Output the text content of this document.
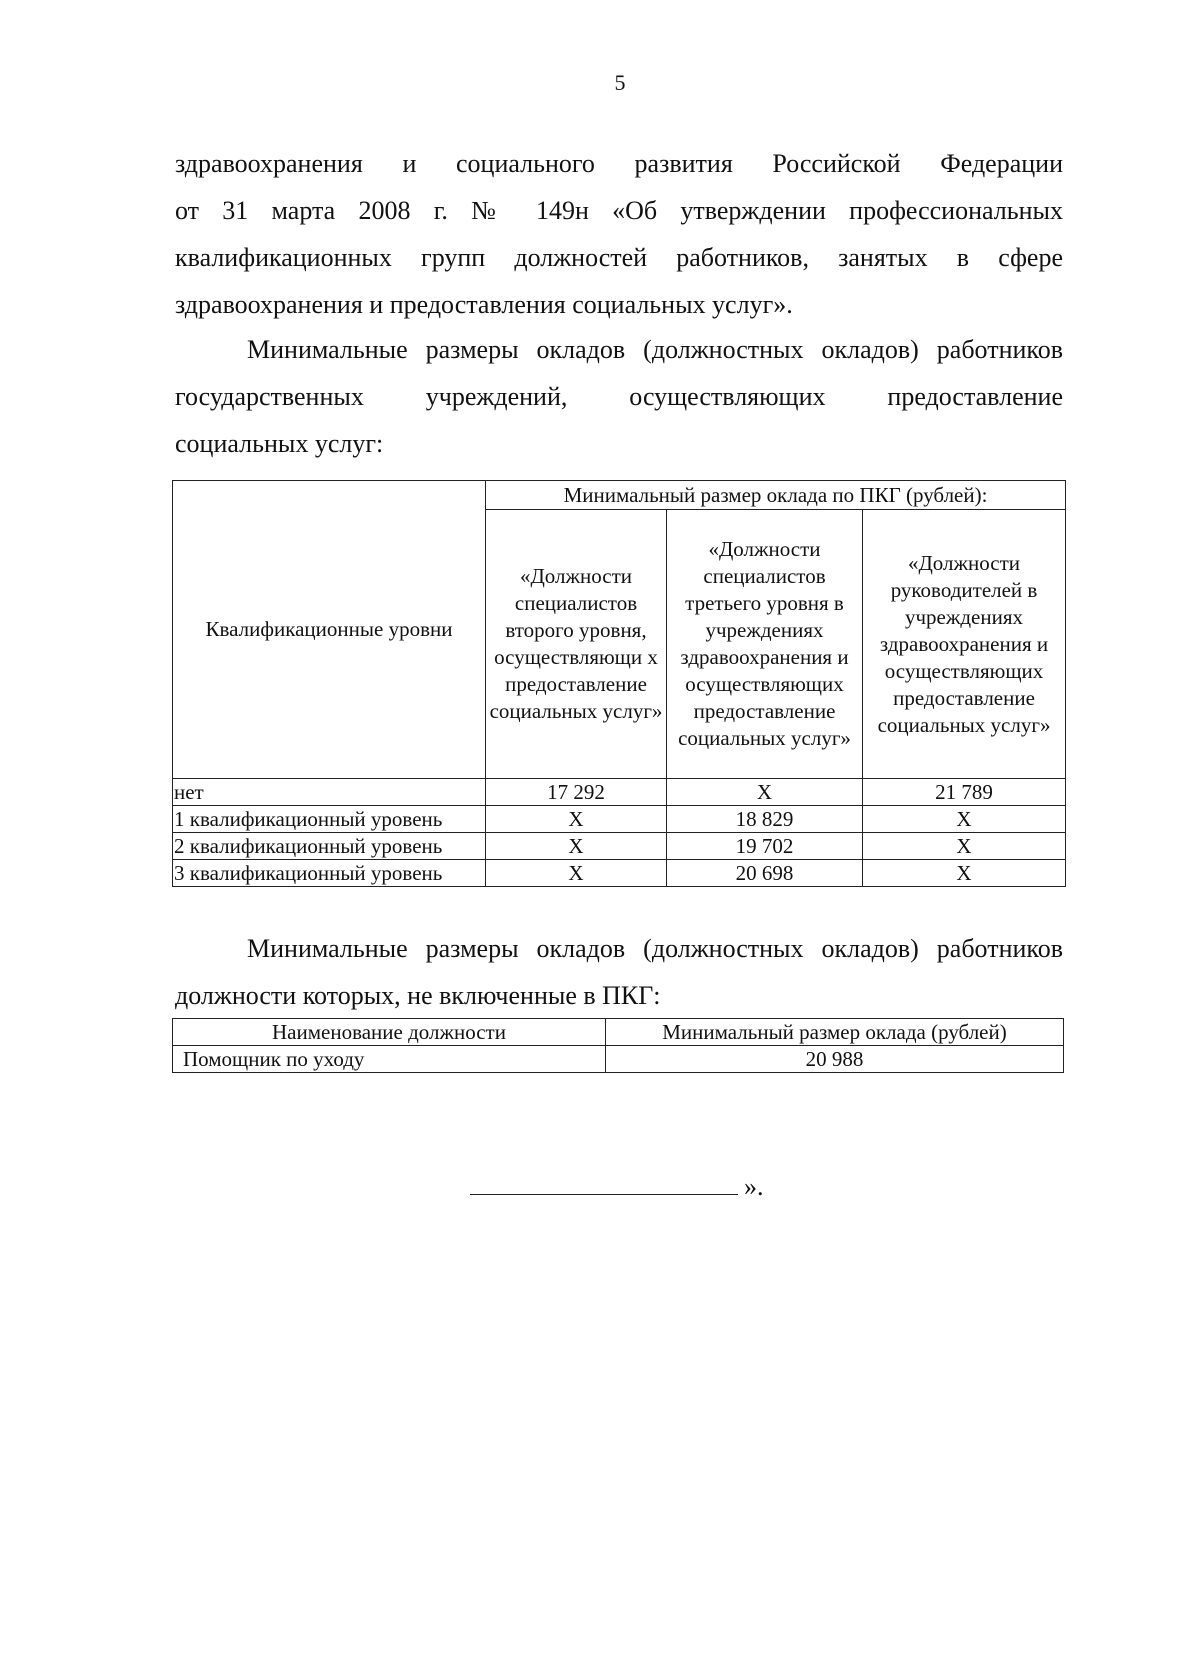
5
здравоохранения и социального развития Российской Федерации
от 31 марта 2008 г. № 149н «Об утверждении профессиональных
квалификационных групп должностей работников, занятых в сфере
здравоохранения и предоставления социальных услуг».
Минимальные размеры окладов (должностных окладов) работников
государственных учреждений, осуществляющих предоставление
социальных услуг:
Квалификационные уровни	Минимальный размер оклада по ПКГ (рублей):		
	«Должности специалистов второго уровня, осуществляющи х предоставление социальных услуг»	«Должности специалистов третьего уровня в учреждениях здравоохранения и осуществляющих предоставление социальных услуг»	«Должности руководителей в учреждениях здравоохранения и осуществляющих предоставление социальных услуг»
нет	17 292	Х	21 789
1 квалификационный уровень	Х	18 829	Х
2 квалификационный уровень	Х	19 702	Х
3 квалификационный уровень	Х	20 698	Х
Минимальные размеры окладов (должностных окладов) работников
должности которых, не включенные в ПКГ:
Наименование должности	Минимальный размер оклада (рублей)
Помощник по уходу	20 988
».
